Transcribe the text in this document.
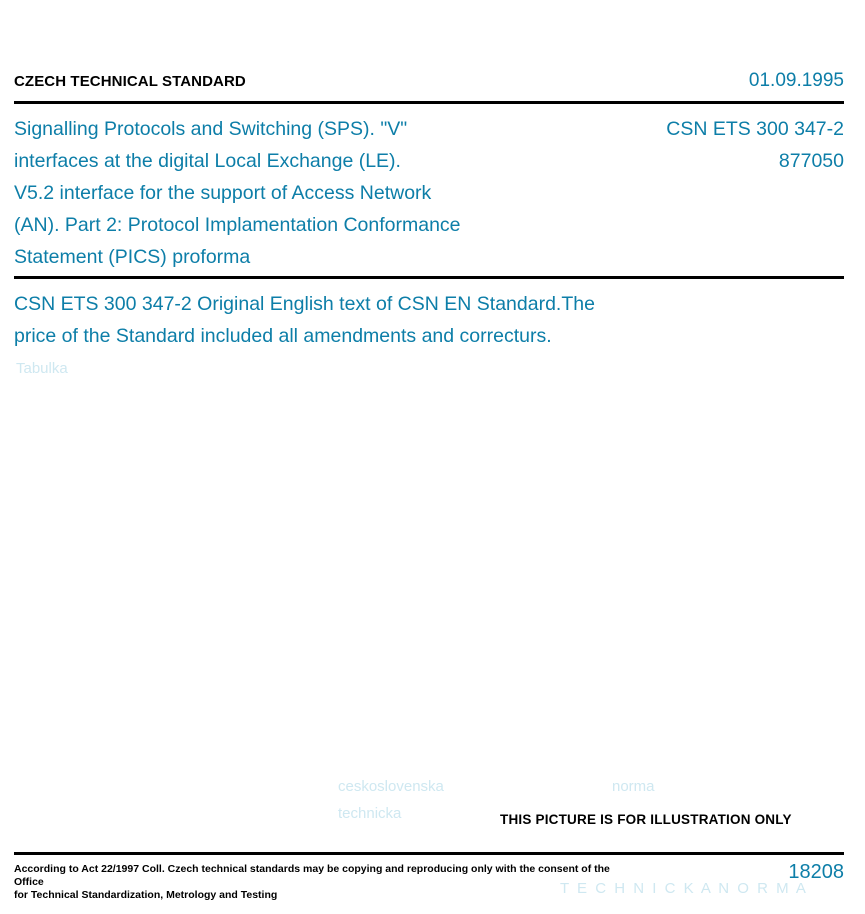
CZECH TECHNICAL STANDARD	01.09.1995
Signalling Protocols and Switching (SPS). "V"
interfaces at the digital Local Exchange (LE).
V5.2 interface for the support of Access Network
(AN). Part 2: Protocol Implamentation Conformance
Statement (PICS) proforma
CSN ETS 300 347-2
877050
CSN ETS 300 347-2 Original English text of CSN EN Standard.The
price of the Standard included all amendments and correcturs.
Tabulka
ceskoslovenska
technicka
norma
T E C H N I C K A N O R M A
THIS PICTURE IS FOR ILLUSTRATION ONLY
According to Act 22/1997 Coll. Czech technical standards may be copying and reproducing only with the consent of the Office
for Technical Standardization, Metrology and Testing
18208
